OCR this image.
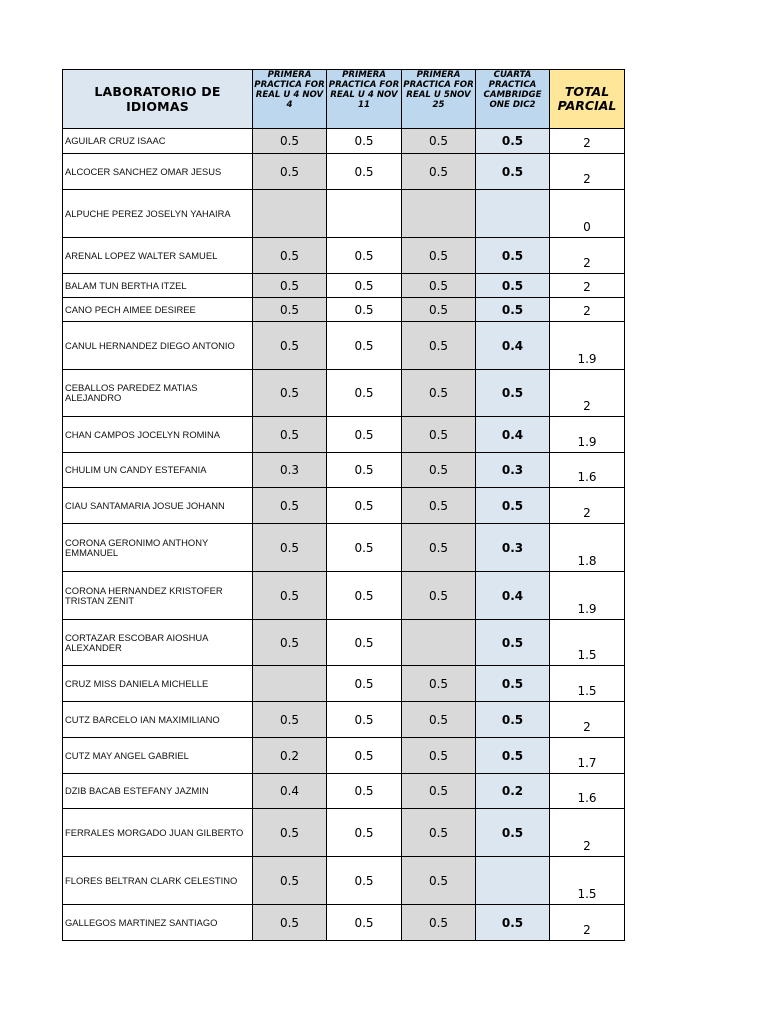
LABORATORIO DE IDIOMAS	PRIMERA PRACTICA FOR REAL U 4 NOV 4	PRIMERA PRACTICA FOR REAL U 4 NOV 11	PRIMERA PRACTICA FOR REAL U 5NOV 25	CUARTA PRACTICA CAMBRIDGE ONE DIC2	TOTAL PARCIAL
AGUILAR CRUZ ISAAC	0.5	0.5	0.5	0.5	2
ALCOCER SANCHEZ OMAR JESUS	0.5	0.5	0.5	0.5	2
ALPUCHE PEREZ JOSELYN YAHAIRA					0
ARENAL LOPEZ WALTER SAMUEL	0.5	0.5	0.5	0.5	2
BALAM TUN BERTHA ITZEL	0.5	0.5	0.5	0.5	2
CANO PECH AIMEE DESIREE	0.5	0.5	0.5	0.5	2
CANUL HERNANDEZ DIEGO ANTONIO	0.5	0.5	0.5	0.4	1.9
CEBALLOS PAREDEZ MATIAS ALEJANDRO	0.5	0.5	0.5	0.5	2
CHAN CAMPOS JOCELYN ROMINA	0.5	0.5	0.5	0.4	1.9
CHULIM UN CANDY ESTEFANIA	0.3	0.5	0.5	0.3	1.6
CIAU SANTAMARIA JOSUE JOHANN	0.5	0.5	0.5	0.5	2
CORONA GERONIMO ANTHONY EMMANUEL	0.5	0.5	0.5	0.3	1.8
CORONA HERNANDEZ KRISTOFER TRISTAN ZENIT	0.5	0.5	0.5	0.4	1.9
CORTAZAR ESCOBAR AIOSHUA ALEXANDER	0.5	0.5		0.5	1.5
CRUZ MISS DANIELA MICHELLE		0.5	0.5	0.5	1.5
CUTZ BARCELO IAN MAXIMILIANO	0.5	0.5	0.5	0.5	2
CUTZ MAY ANGEL GABRIEL	0.2	0.5	0.5	0.5	1.7
DZIB BACAB ESTEFANY JAZMIN	0.4	0.5	0.5	0.2	1.6
FERRALES MORGADO JUAN GILBERTO	0.5	0.5	0.5	0.5	2
FLORES BELTRAN CLARK CELESTINO	0.5	0.5	0.5		1.5
GALLEGOS MARTINEZ SANTIAGO	0.5	0.5	0.5	0.5	2
